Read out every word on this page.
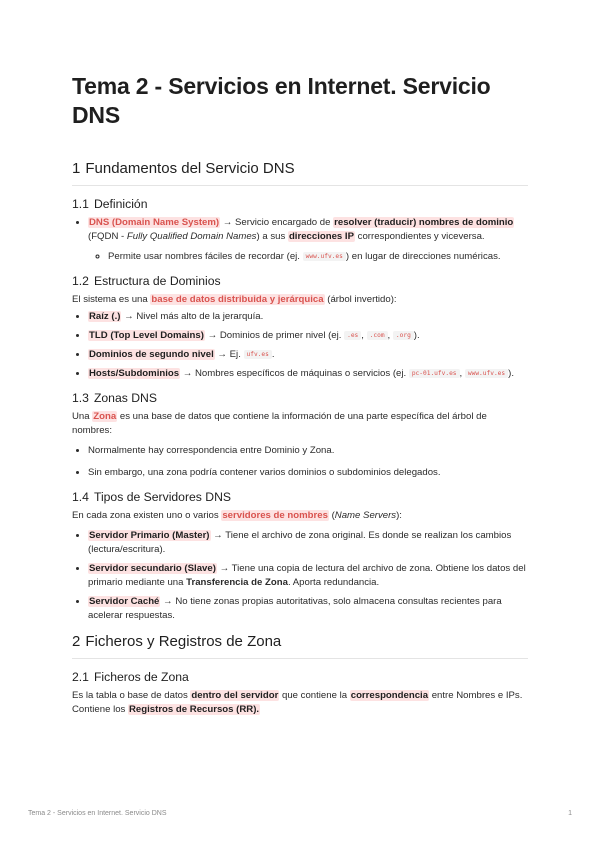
Tema 2 - Servicios en Internet. Servicio DNS
1 Fundamentos del Servicio DNS
1.1 Definición
• DNS (Domain Name System) → Servicio encargado de resolver (traducir) nombres de dominio (FQDN - Fully Qualified Domain Names) a sus direcciones IP correspondientes y viceversa.
◦ Permite usar nombres fáciles de recordar (ej. www.ufv.es ) en lugar de direcciones numéricas.
1.2 Estructura de Dominios

El sistema es una base de datos distribuida y jerárquica (árbol invertido):

• Raíz (.) → Nivel más alto de la jerarquía.
• TLD (Top Level Domains) → Dominios de primer nivel (ej. .es , .com , .org ).
• Dominios de segundo nivel → Ej. ufv.es .
• Hosts/Subdominios → Nombres específicos de máquinas o servicios (ej. pc-01.ufv.es , www.ufv.es ).
1.3 Zonas DNS

Una Zona es una base de datos que contiene la información de una parte específica del árbol de nombres:

• Normalmente hay correspondencia entre Dominio y Zona.
• Sin embargo, una zona podría contener varios dominios o subdominios delegados.
1.4 Tipos de Servidores DNS

En cada zona existen uno o varios servidores de nombres (Name Servers):

• Servidor Primario (Master) → Tiene el archivo de zona original. Es donde se realizan los cambios (lectura/escritura).
• Servidor secundario (Slave) → Tiene una copia de lectura del archivo de zona. Obtiene los datos del primario mediante una Transferencia de Zona. Aporta redundancia.
• Servidor Caché → No tiene zonas propias autoritativas, solo almacena consultas recientes para acelerar respuestas.
2 Ficheros y Registros de Zona
2.1 Ficheros de Zona

Es la tabla o base de datos dentro del servidor que contiene la correspondencia entre Nombres e IPs. Contiene los Registros de Recursos (RR).

Tema 2 - Servicios en Internet. Servicio DNS	1
